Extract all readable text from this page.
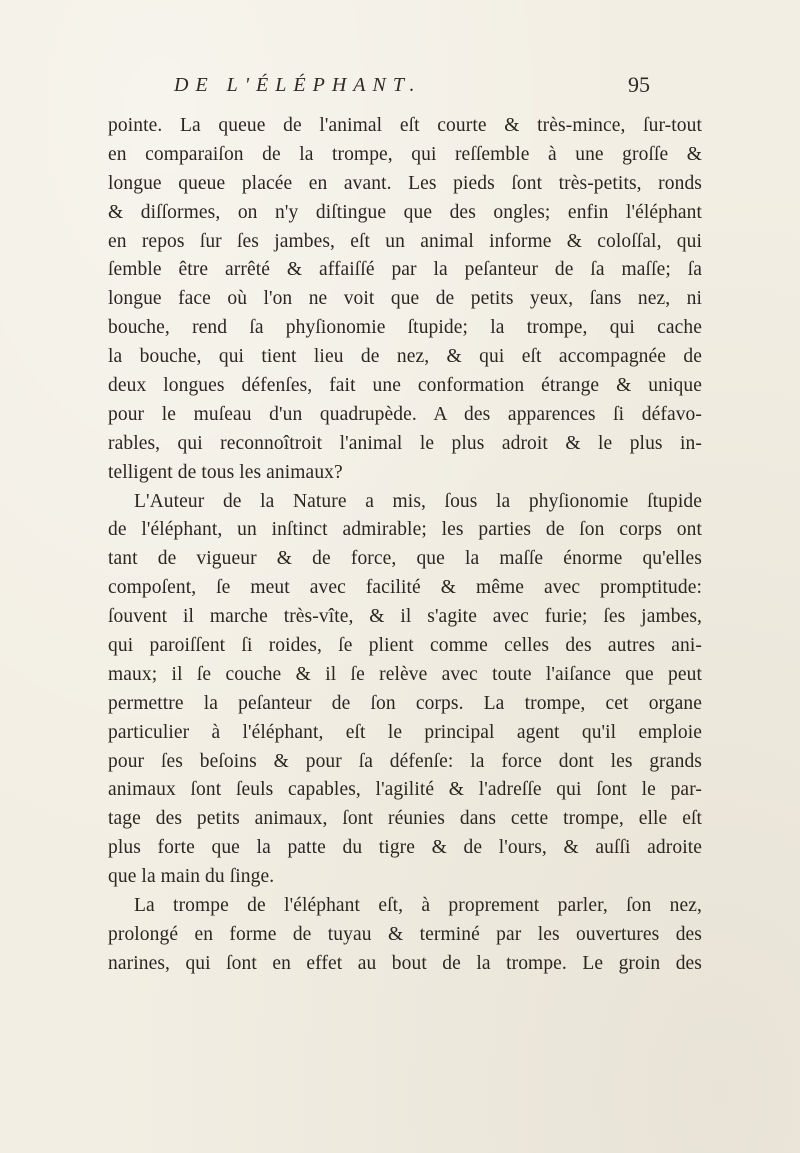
DE L'ÉLÉPHANT.	95
pointe. La queue de l'animal eſt courte & très-mince, ſur-tout
en comparaiſon de la trompe, qui reſſemble à une groſſe &
longue queue placée en avant. Les pieds ſont très-petits, ronds
& diſſormes, on n'y diſtingue que des ongles; enfin l'éléphant
en repos ſur ſes jambes, eſt un animal informe & coloſſal, qui
ſemble être arrêté & affaiſſé par la peſanteur de ſa maſſe; ſa
longue face où l'on ne voit que de petits yeux, ſans nez, ni
bouche, rend ſa phyſionomie ſtupide; la trompe, qui cache
la bouche, qui tient lieu de nez, & qui eſt accompagnée de
deux longues défenſes, fait une conformation étrange & unique
pour le muſeau d'un quadrupède. A des apparences ſi défavo-
rables, qui reconnoîtroit l'animal le plus adroit & le plus in-
telligent de tous les animaux?
L'Auteur de la Nature a mis, ſous la phyſionomie ſtupide
de l'éléphant, un inſtinct admirable; les parties de ſon corps ont
tant de vigueur & de force, que la maſſe énorme qu'elles
compoſent, ſe meut avec facilité & même avec promptitude:
ſouvent il marche très-vîte, & il s'agite avec furie; ſes jambes,
qui paroiſſent ſi roides, ſe plient comme celles des autres ani-
maux; il ſe couche & il ſe relève avec toute l'aiſance que peut
permettre la peſanteur de ſon corps. La trompe, cet organe
particulier à l'éléphant, eſt le principal agent qu'il emploie
pour ſes beſoins & pour ſa défenſe: la force dont les grands
animaux ſont ſeuls capables, l'agilité & l'adreſſe qui ſont le par-
tage des petits animaux, ſont réunies dans cette trompe, elle eſt
plus forte que la patte du tigre & de l'ours, & auſſi adroite
que la main du ſinge.
La trompe de l'éléphant eſt, à proprement parler, ſon nez,
prolongé en forme de tuyau & terminé par les ouvertures des
narines, qui ſont en effet au bout de la trompe. Le groin des
